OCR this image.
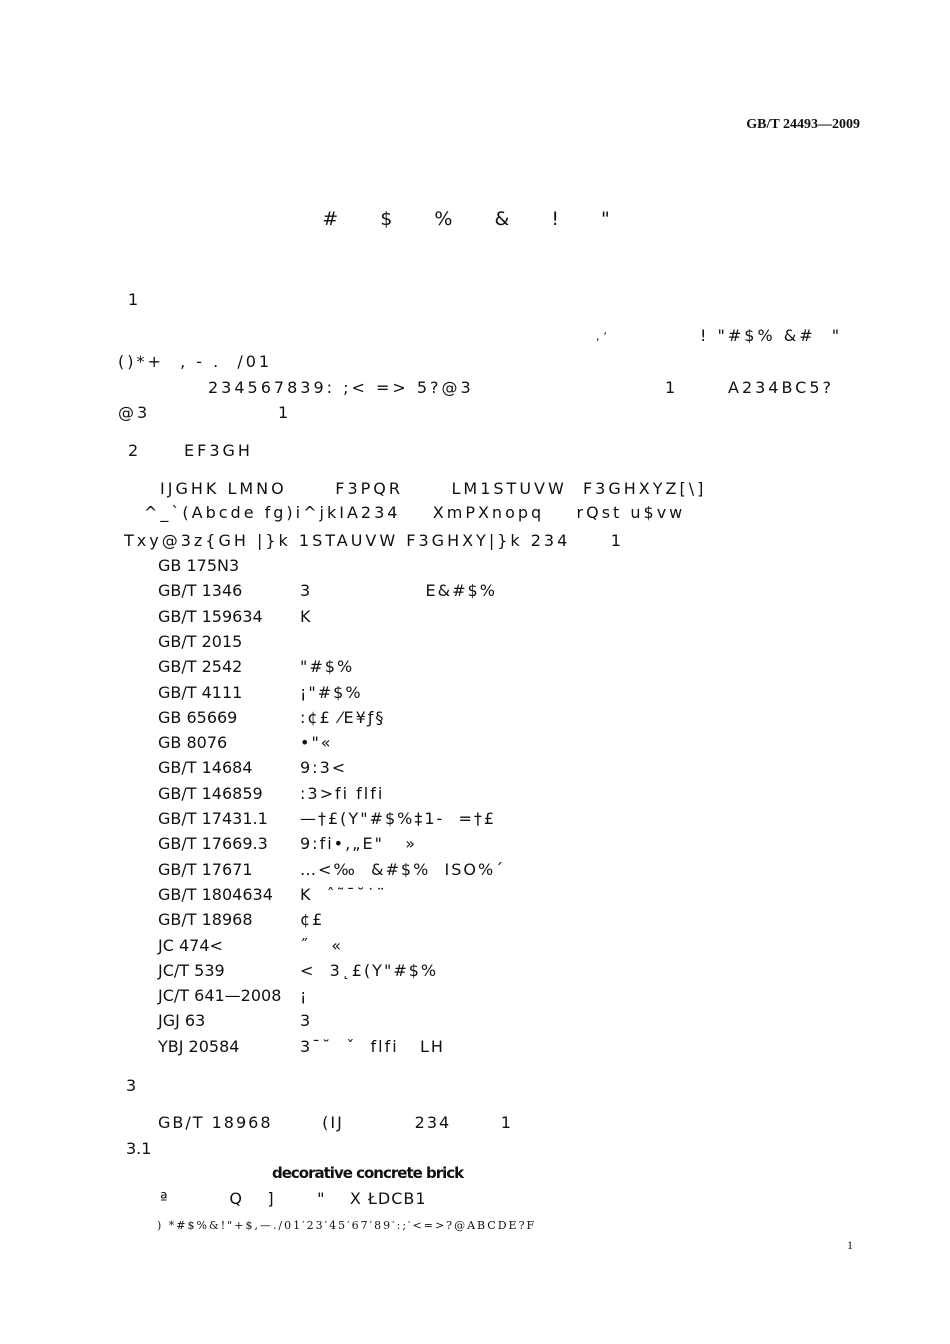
GB/T 24493—2009
# $ % & ! "
1
‚‘	! "#$% &#  "
()*+  , - .  /01
234567839: ;< => 5?@3	1	A234BC5?
@3	1
2	EF3GH
IJGHK LMNO      F3PQR      LM1STUVW  F3GHXYZ[\]
^_`(Abcde fg)i^jkIA234    XmPXnopq    rQst u$vw
Txy@3z{GH |}k 1STAUVW F3GHXY|}k 234     1
GB 175N3
GB/T 1346	3                E&#$%
GB/T 159634 K
GB/T 2015
GB/T 2542	"#$%
GB/T 4111	¡"#$%
GB 65669	:¢£ ⁄E¥ƒ§
GB 8076	•"«
GB/T 14684	9:3<
GB/T 146859 :3>fi flfi
GB/T 17431.1 —†£(Y"#$%‡1-  =†£
GB/T 17669.3 9:fi•,„E"   »
GB/T 17671	…<‰  &#$%  ISO%´
GB/T 1804634 K  ˆ˜¯˘˙¨
GB/T 18968	¢£
JC 474<	˝   «
JC/T 539	<  3˛£(Y"#$%
JC/T 641—2008 ¡
JGJ 63	3
YBJ 20584	3¯˘  ˇ  flfi   LH
3
GB/T 18968       (IJ          234       1
3.1
decorative concrete brick
ª          Q    ]       "    X ŁDCB1
) *#$%&!"+$,—./01′23′45′67′89′:;′<=>?@ABCDE?F
1
